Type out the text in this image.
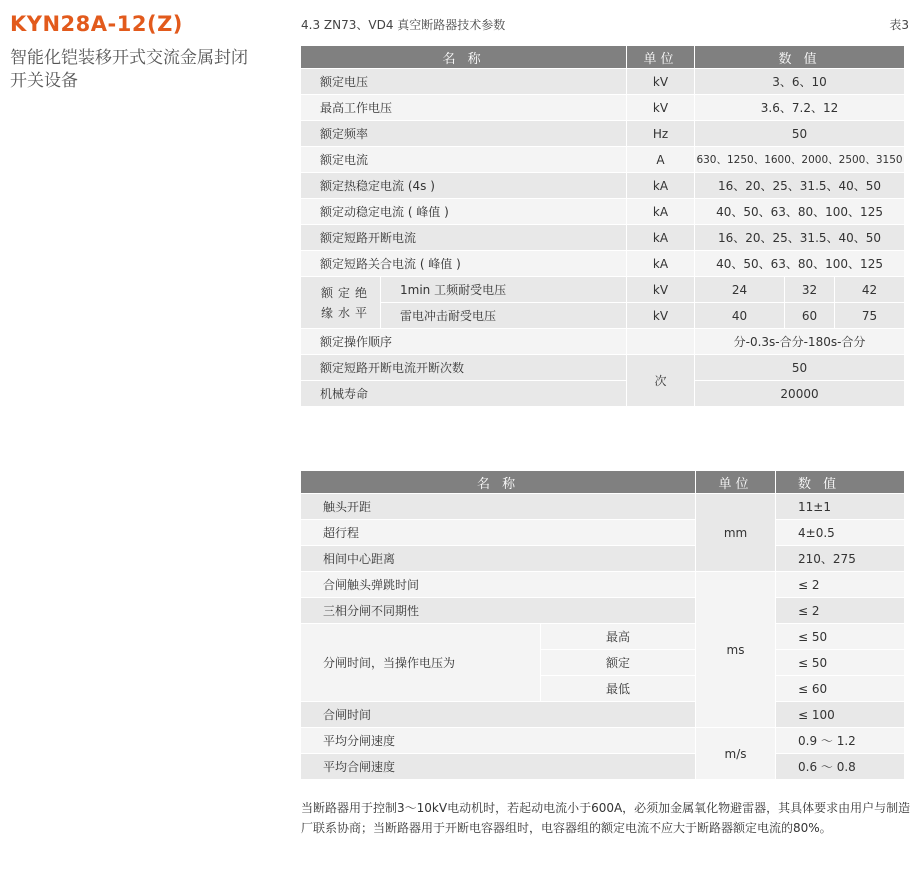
KYN28A-12(Z)
智能化铠装移开式交流金属封闭开关设备
4.3 ZN73、VD4 真空断路器技术参数	表3
名 称		单位	数 值		
额定电压		kV	3、6、10		
最高工作电压		kV	3.6、7.2、12		
额定频率		Hz	50		
额定电流		A	630、1250、1600、2000、2500、3150		
额定热稳定电流 (4s )		kA	16、20、25、31.5、40、50		
额定动稳定电流 ( 峰值 )		kA	40、50、63、80、100、125		
额定短路开断电流		kA	16、20、25、31.5、40、50		
额定短路关合电流 ( 峰值 )		kA	40、50、63、80、100、125		
额定绝缘水平	1min 工频耐受电压	kV	24	32	42
	雷电冲击耐受电压	kV	40	60	75
额定操作顺序			分-0.3s-合分-180s-合分		
额定短路开断电流开断次数		次	50		
机械寿命			20000		
名 称		单位	数 值
触头开距		mm	11±1
超行程			4±0.5
相间中心距离			210、275
合闸触头弹跳时间		ms	≤ 2
三相分闸不同期性			≤ 2
分闸时间，当操作电压为	最高		≤ 50
	额定		≤ 50
	最低		≤ 60
合闸时间			≤ 100
平均分闸速度		m/s	0.9 ～ 1.2
平均合闸速度			0.6 ～ 0.8
当断路器用于控制3～10kV电动机时，若起动电流小于600A，必须加金属氧化物避雷器，其具体要求由用户与制造厂联系协商；当断路器用于开断电容器组时，电容器组的额定电流不应大于断路器额定电流的80%。
